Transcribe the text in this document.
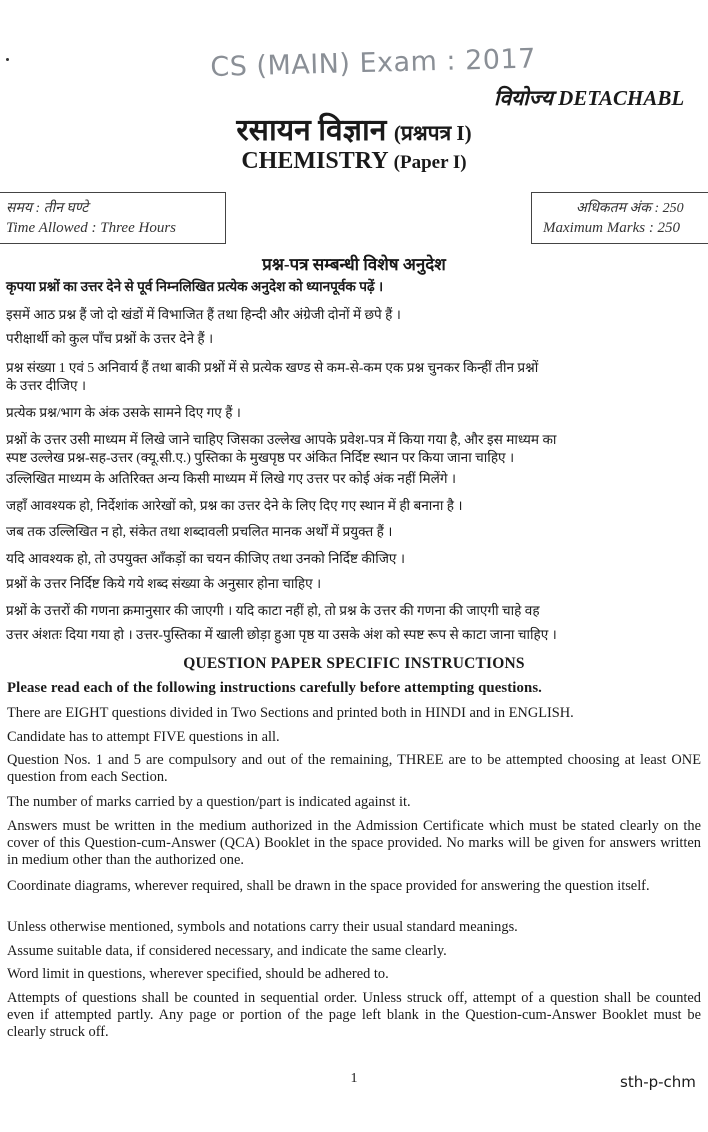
CS (MAIN) Exam : 2017
वियोज्य DETACHABL
रसायन विज्ञान (प्रश्नपत्र I)
CHEMISTRY (Paper I)
समय : तीन घण्टे
Time Allowed : Three Hours
अधिकतम अंक : 250
Maximum Marks : 250
प्रश्न-पत्र सम्बन्धी विशेष अनुदेश
कृपया प्रश्नों का उत्तर देने से पूर्व निम्नलिखित प्रत्येक अनुदेश को ध्यानपूर्वक पढ़ें ।
इसमें आठ प्रश्न हैं जो दो खंडों में विभाजित हैं तथा हिन्दी और अंग्रेजी दोनों में छपे हैं ।
परीक्षार्थी को कुल पाँच प्रश्नों के उत्तर देने हैं ।
प्रश्न संख्या 1 एवं 5 अनिवार्य हैं तथा बाकी प्रश्नों में से प्रत्येक खण्ड से कम-से-कम एक प्रश्न चुनकर किन्हीं तीन प्रश्नों
के उत्तर दीजिए ।
प्रत्येक प्रश्न/भाग के अंक उसके सामने दिए गए हैं ।
प्रश्नों के उत्तर उसी माध्यम में लिखे जाने चाहिए जिसका उल्लेख आपके प्रवेश-पत्र में किया गया है, और इस माध्यम का
स्पष्ट उल्लेख प्रश्न-सह-उत्तर (क्यू.सी.ए.) पुस्तिका के मुखपृष्ठ पर अंकित निर्दिष्ट स्थान पर किया जाना चाहिए ।
उल्लिखित माध्यम के अतिरिक्त अन्य किसी माध्यम में लिखे गए उत्तर पर कोई अंक नहीं मिलेंगे ।
जहाँ आवश्यक हो, निर्देशांक आरेखों को, प्रश्न का उत्तर देने के लिए दिए गए स्थान में ही बनाना है ।
जब तक उल्लिखित न हो, संकेत तथा शब्दावली प्रचलित मानक अर्थों में प्रयुक्त हैं ।
यदि आवश्यक हो, तो उपयुक्त आँकड़ों का चयन कीजिए तथा उनको निर्दिष्ट कीजिए ।
प्रश्नों के उत्तर निर्दिष्ट किये गये शब्द संख्या के अनुसार होना चाहिए ।
प्रश्नों के उत्तरों की गणना क्रमानुसार की जाएगी । यदि काटा नहीं हो, तो प्रश्न के उत्तर की गणना की जाएगी चाहे वह
उत्तर अंशतः दिया गया हो । उत्तर-पुस्तिका में खाली छोड़ा हुआ पृष्ठ या उसके अंश को स्पष्ट रूप से काटा जाना चाहिए ।
QUESTION PAPER SPECIFIC INSTRUCTIONS
Please read each of the following instructions carefully before attempting questions.
There are EIGHT questions divided in Two Sections and printed both in HINDI and in ENGLISH.
Candidate has to attempt FIVE questions in all.
Question Nos. 1 and 5 are compulsory and out of the remaining, THREE are to be attempted choosing at least ONE question from each Section.
The number of marks carried by a question/part is indicated against it.
Answers must be written in the medium authorized in the Admission Certificate which must be stated clearly on the cover of this Question-cum-Answer (QCA) Booklet in the space provided. No marks will be given for answers written in medium other than the authorized one.
Coordinate diagrams, wherever required, shall be drawn in the space provided for answering the question itself.
Unless otherwise mentioned, symbols and notations carry their usual standard meanings.
Assume suitable data, if considered necessary, and indicate the same clearly.
Word limit in questions, wherever specified, should be adhered to.
Attempts of questions shall be counted in sequential order. Unless struck off, attempt of a question shall be counted even if attempted partly. Any page or portion of the page left blank in the Question-cum-Answer Booklet must be clearly struck off.
1	sth-p-chm
